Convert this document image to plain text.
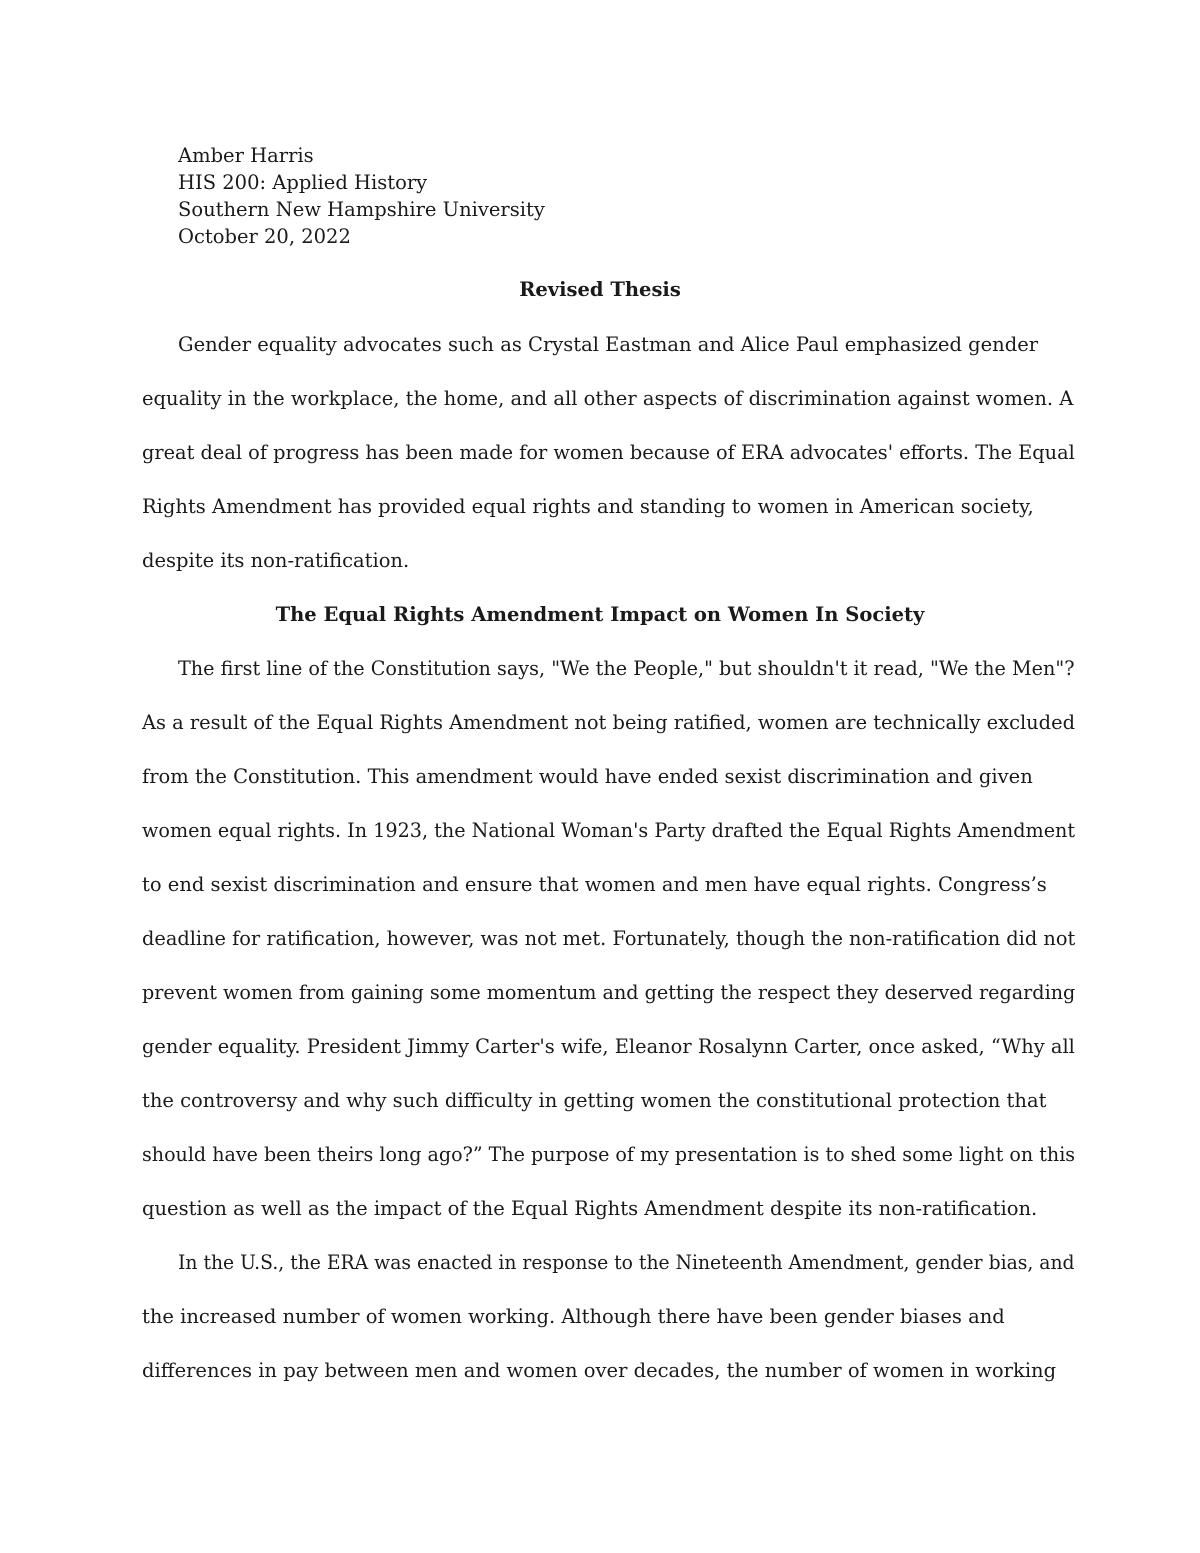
Amber Harris
HIS 200: Applied History
Southern New Hampshire University
October 20, 2022
Revised Thesis
Gender equality advocates such as Crystal Eastman and Alice Paul emphasized gender
equality in the workplace, the home, and all other aspects of discrimination against women. A
great deal of progress has been made for women because of ERA advocates' efforts. The Equal
Rights Amendment has provided equal rights and standing to women in American society,
despite its non-ratification.
The Equal Rights Amendment Impact on Women In Society
The first line of the Constitution says, "We the People," but shouldn't it read, "We the Men"?
As a result of the Equal Rights Amendment not being ratified, women are technically excluded
from the Constitution. This amendment would have ended sexist discrimination and given
women equal rights. In 1923, the National Woman's Party drafted the Equal Rights Amendment
to end sexist discrimination and ensure that women and men have equal rights. Congress’s
deadline for ratification, however, was not met. Fortunately, though the non-ratification did not
prevent women from gaining some momentum and getting the respect they deserved regarding
gender equality. President Jimmy Carter's wife, Eleanor Rosalynn Carter, once asked, “Why all
the controversy and why such difficulty in getting women the constitutional protection that
should have been theirs long ago?” The purpose of my presentation is to shed some light on this
question as well as the impact of the Equal Rights Amendment despite its non-ratification.
In the U.S., the ERA was enacted in response to the Nineteenth Amendment, gender bias, and
the increased number of women working. Although there have been gender biases and
differences in pay between men and women over decades, the number of women in working
